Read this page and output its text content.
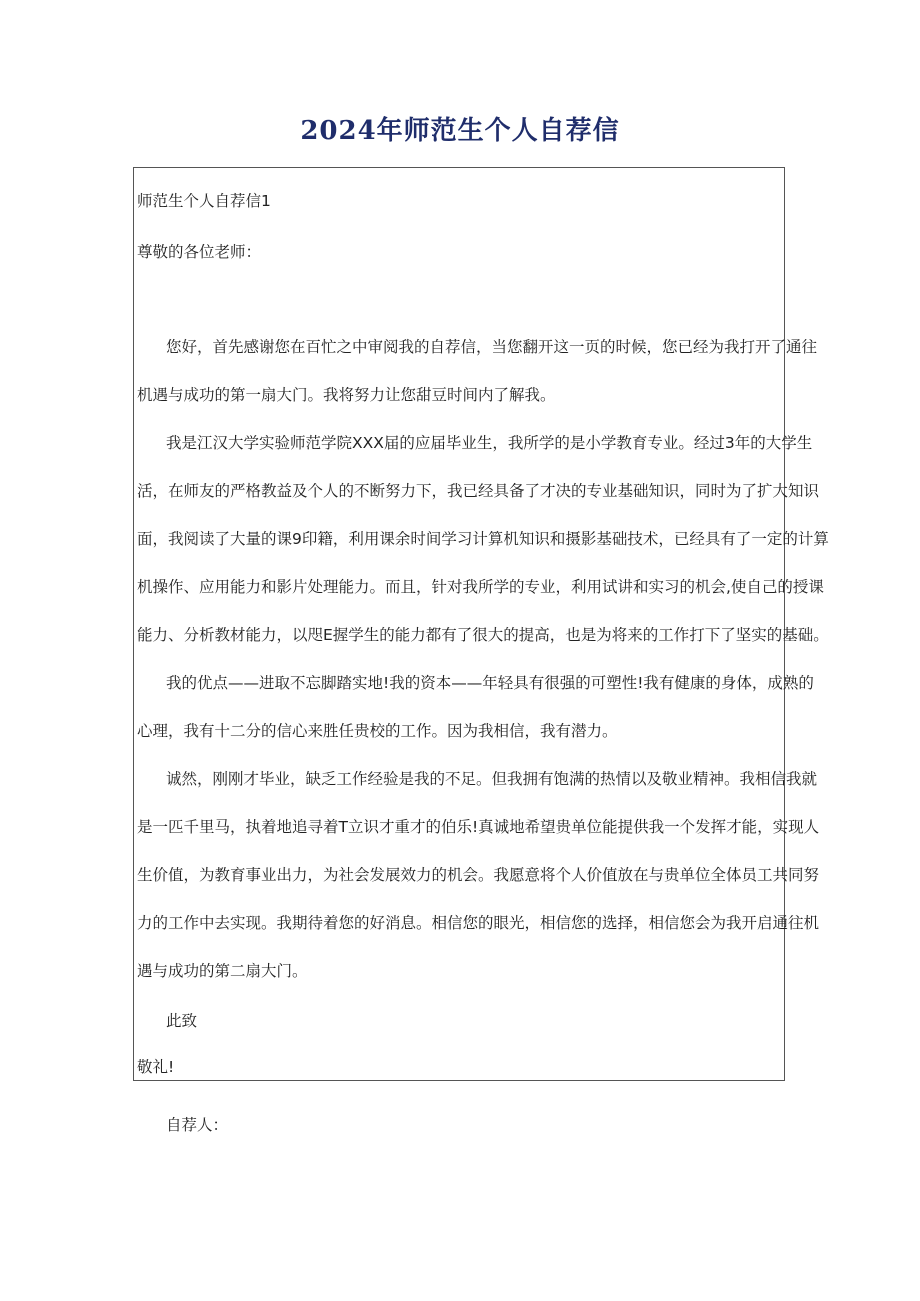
2024年师范生个人自荐信
师范生个人自荐信1
尊敬的各位老师：
您好，首先感谢您在百忙之中审阅我的自荐信，当您翻开这一页的时候，您已经为我打开了通往
机遇与成功的第一扇大门。我将努力让您甜豆时间内了解我。
我是江汉大学实验师范学院XXX届的应届毕业生，我所学的是小学教育专业。经过3年的大学生
活，在师友的严格教益及个人的不断努力下，我已经具备了才决的专业基础知识，同时为了扩大知识
面，我阅读了大量的课9印籍，利用课余时间学习计算机知识和摄影基础技术，已经具有了一定的计算
机操作、应用能力和影片处理能力。而且，针对我所学的专业，利用试讲和实习的机会,使自己的授课
能力、分析教材能力，以咫E握学生的能力都有了很大的提高，也是为将来的工作打下了坚实的基础。
我的优点——进取不忘脚踏实地!我的资本——年轻具有很强的可塑性!我有健康的身体，成熟的
心理，我有十二分的信心来胜任贵校的工作。因为我相信，我有潜力。
诚然，刚刚才毕业，缺乏工作经验是我的不足。但我拥有饱满的热情以及敬业精神。我相信我就
是一匹千里马，执着地追寻着T立识才重才的伯乐!真诚地希望贵单位能提供我一个发挥才能，实现人
生价值，为教育事业出力，为社会发展效力的机会。我愿意将个人价值放在与贵单位全体员工共同努
力的工作中去实现。我期待着您的好消息。相信您的眼光，相信您的选择，相信您会为我开启通往机
遇与成功的第二扇大门。
此致
敬礼!
自荐人：
